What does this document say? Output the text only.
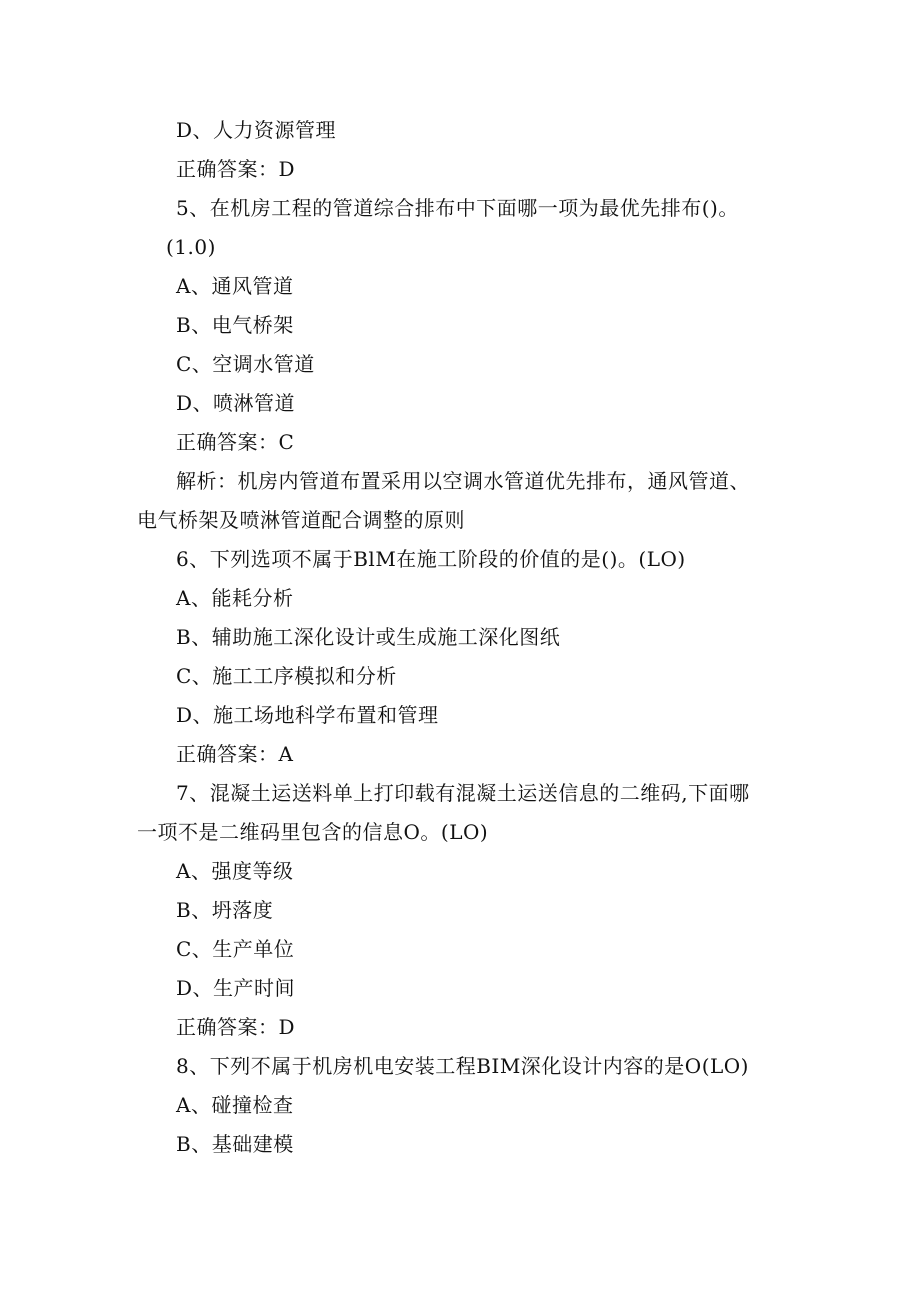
D、人力资源管理
正确答案：D
5、在机房工程的管道综合排布中下面哪一项为最优先排布()。
(1.0)
A、通风管道
B、电气桥架
C、空调水管道
D、喷淋管道
正确答案：C
解析：机房内管道布置采用以空调水管道优先排布，通风管道、
电气桥架及喷淋管道配合调整的原则
6、下列选项不属于BlM在施工阶段的价值的是()。(LO)
A、能耗分析
B、辅助施工深化设计或生成施工深化图纸
C、施工工序模拟和分析
D、施工场地科学布置和管理
正确答案：A
7、混凝土运送料单上打印载有混凝土运送信息的二维码,下面哪
一项不是二维码里包含的信息O。(LO)
A、强度等级
B、坍落度
C、生产单位
D、生产时间
正确答案：D
8、下列不属于机房机电安装工程BIM深化设计内容的是O(LO)
A、碰撞检查
B、基础建模
